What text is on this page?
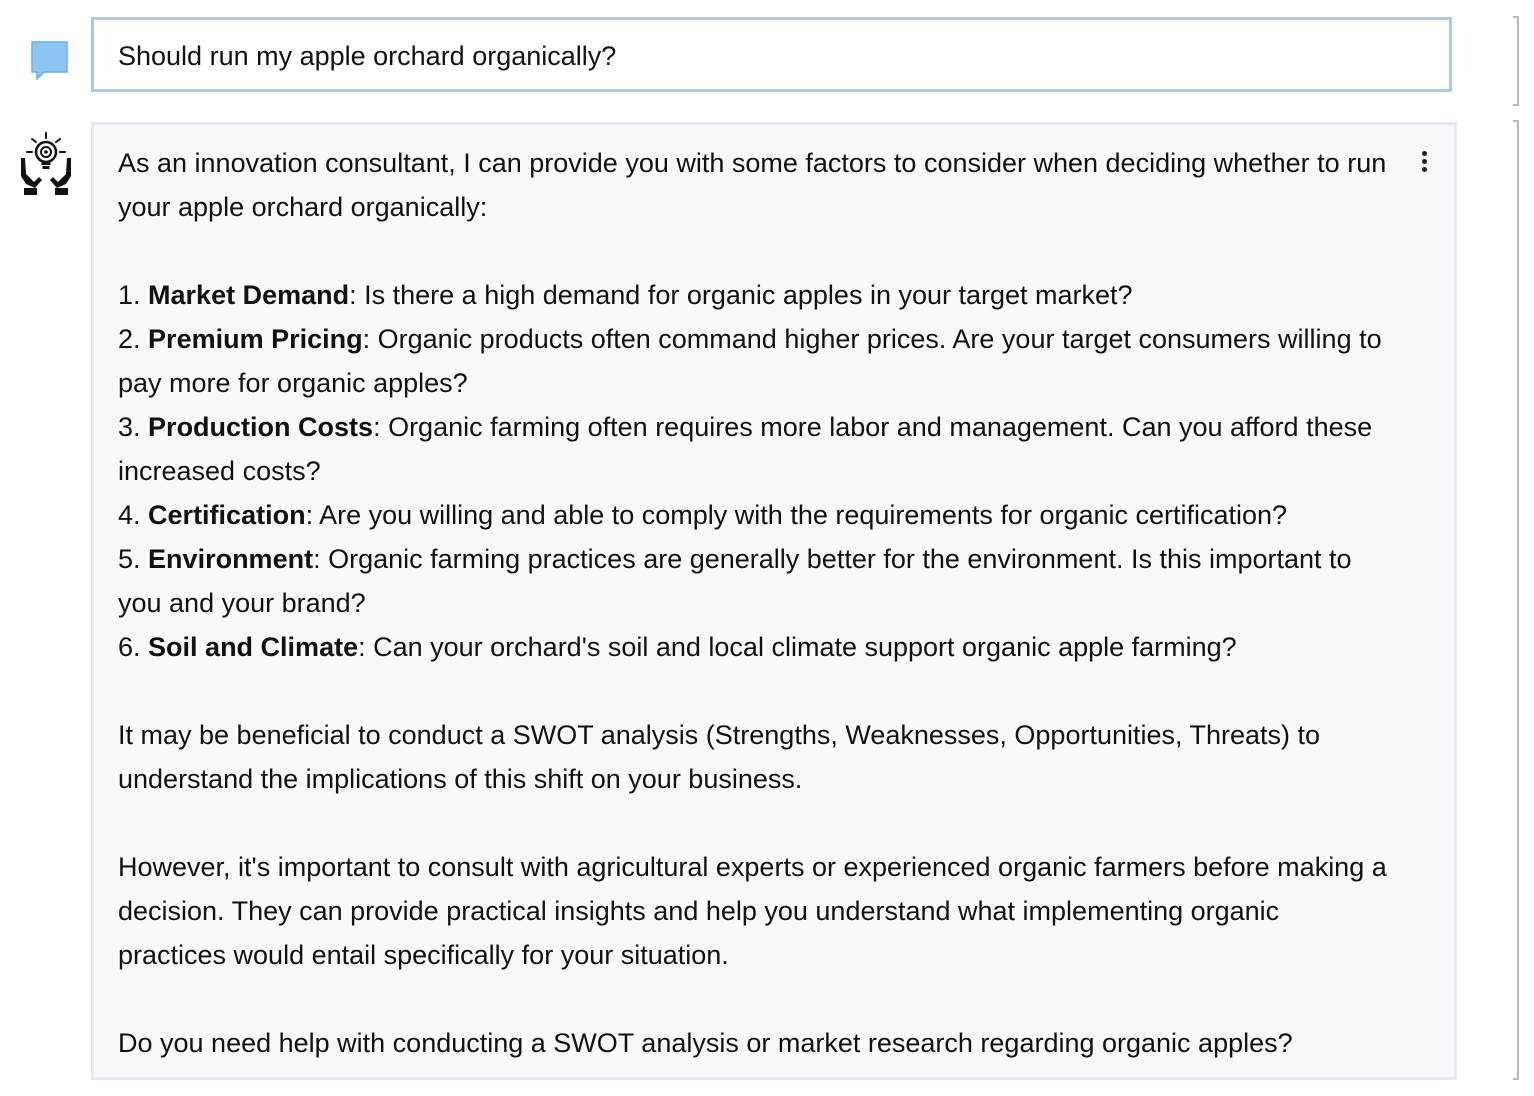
Should run my apple orchard organically?

As an innovation consultant, I can provide you with some factors to consider when deciding whether to run your apple orchard organically:

1. Market Demand: Is there a high demand for organic apples in your target market?

2. Premium Pricing: Organic products often command higher prices. Are your target consumers willing to pay more for organic apples?

3. Production Costs: Organic farming often requires more labor and management. Can you afford these increased costs?

4. Certification: Are you willing and able to comply with the requirements for organic certification?

5. Environment: Organic farming practices are generally better for the environment. Is this important to you and your brand?

6. Soil and Climate: Can your orchard's soil and local climate support organic apple farming?

It may be beneficial to conduct a SWOT analysis (Strengths, Weaknesses, Opportunities, Threats) to understand the implications of this shift on your business.

However, it's important to consult with agricultural experts or experienced organic farmers before making a decision. They can provide practical insights and help you understand what implementing organic practices would entail specifically for your situation.

Do you need help with conducting a SWOT analysis or market research regarding organic apples?
